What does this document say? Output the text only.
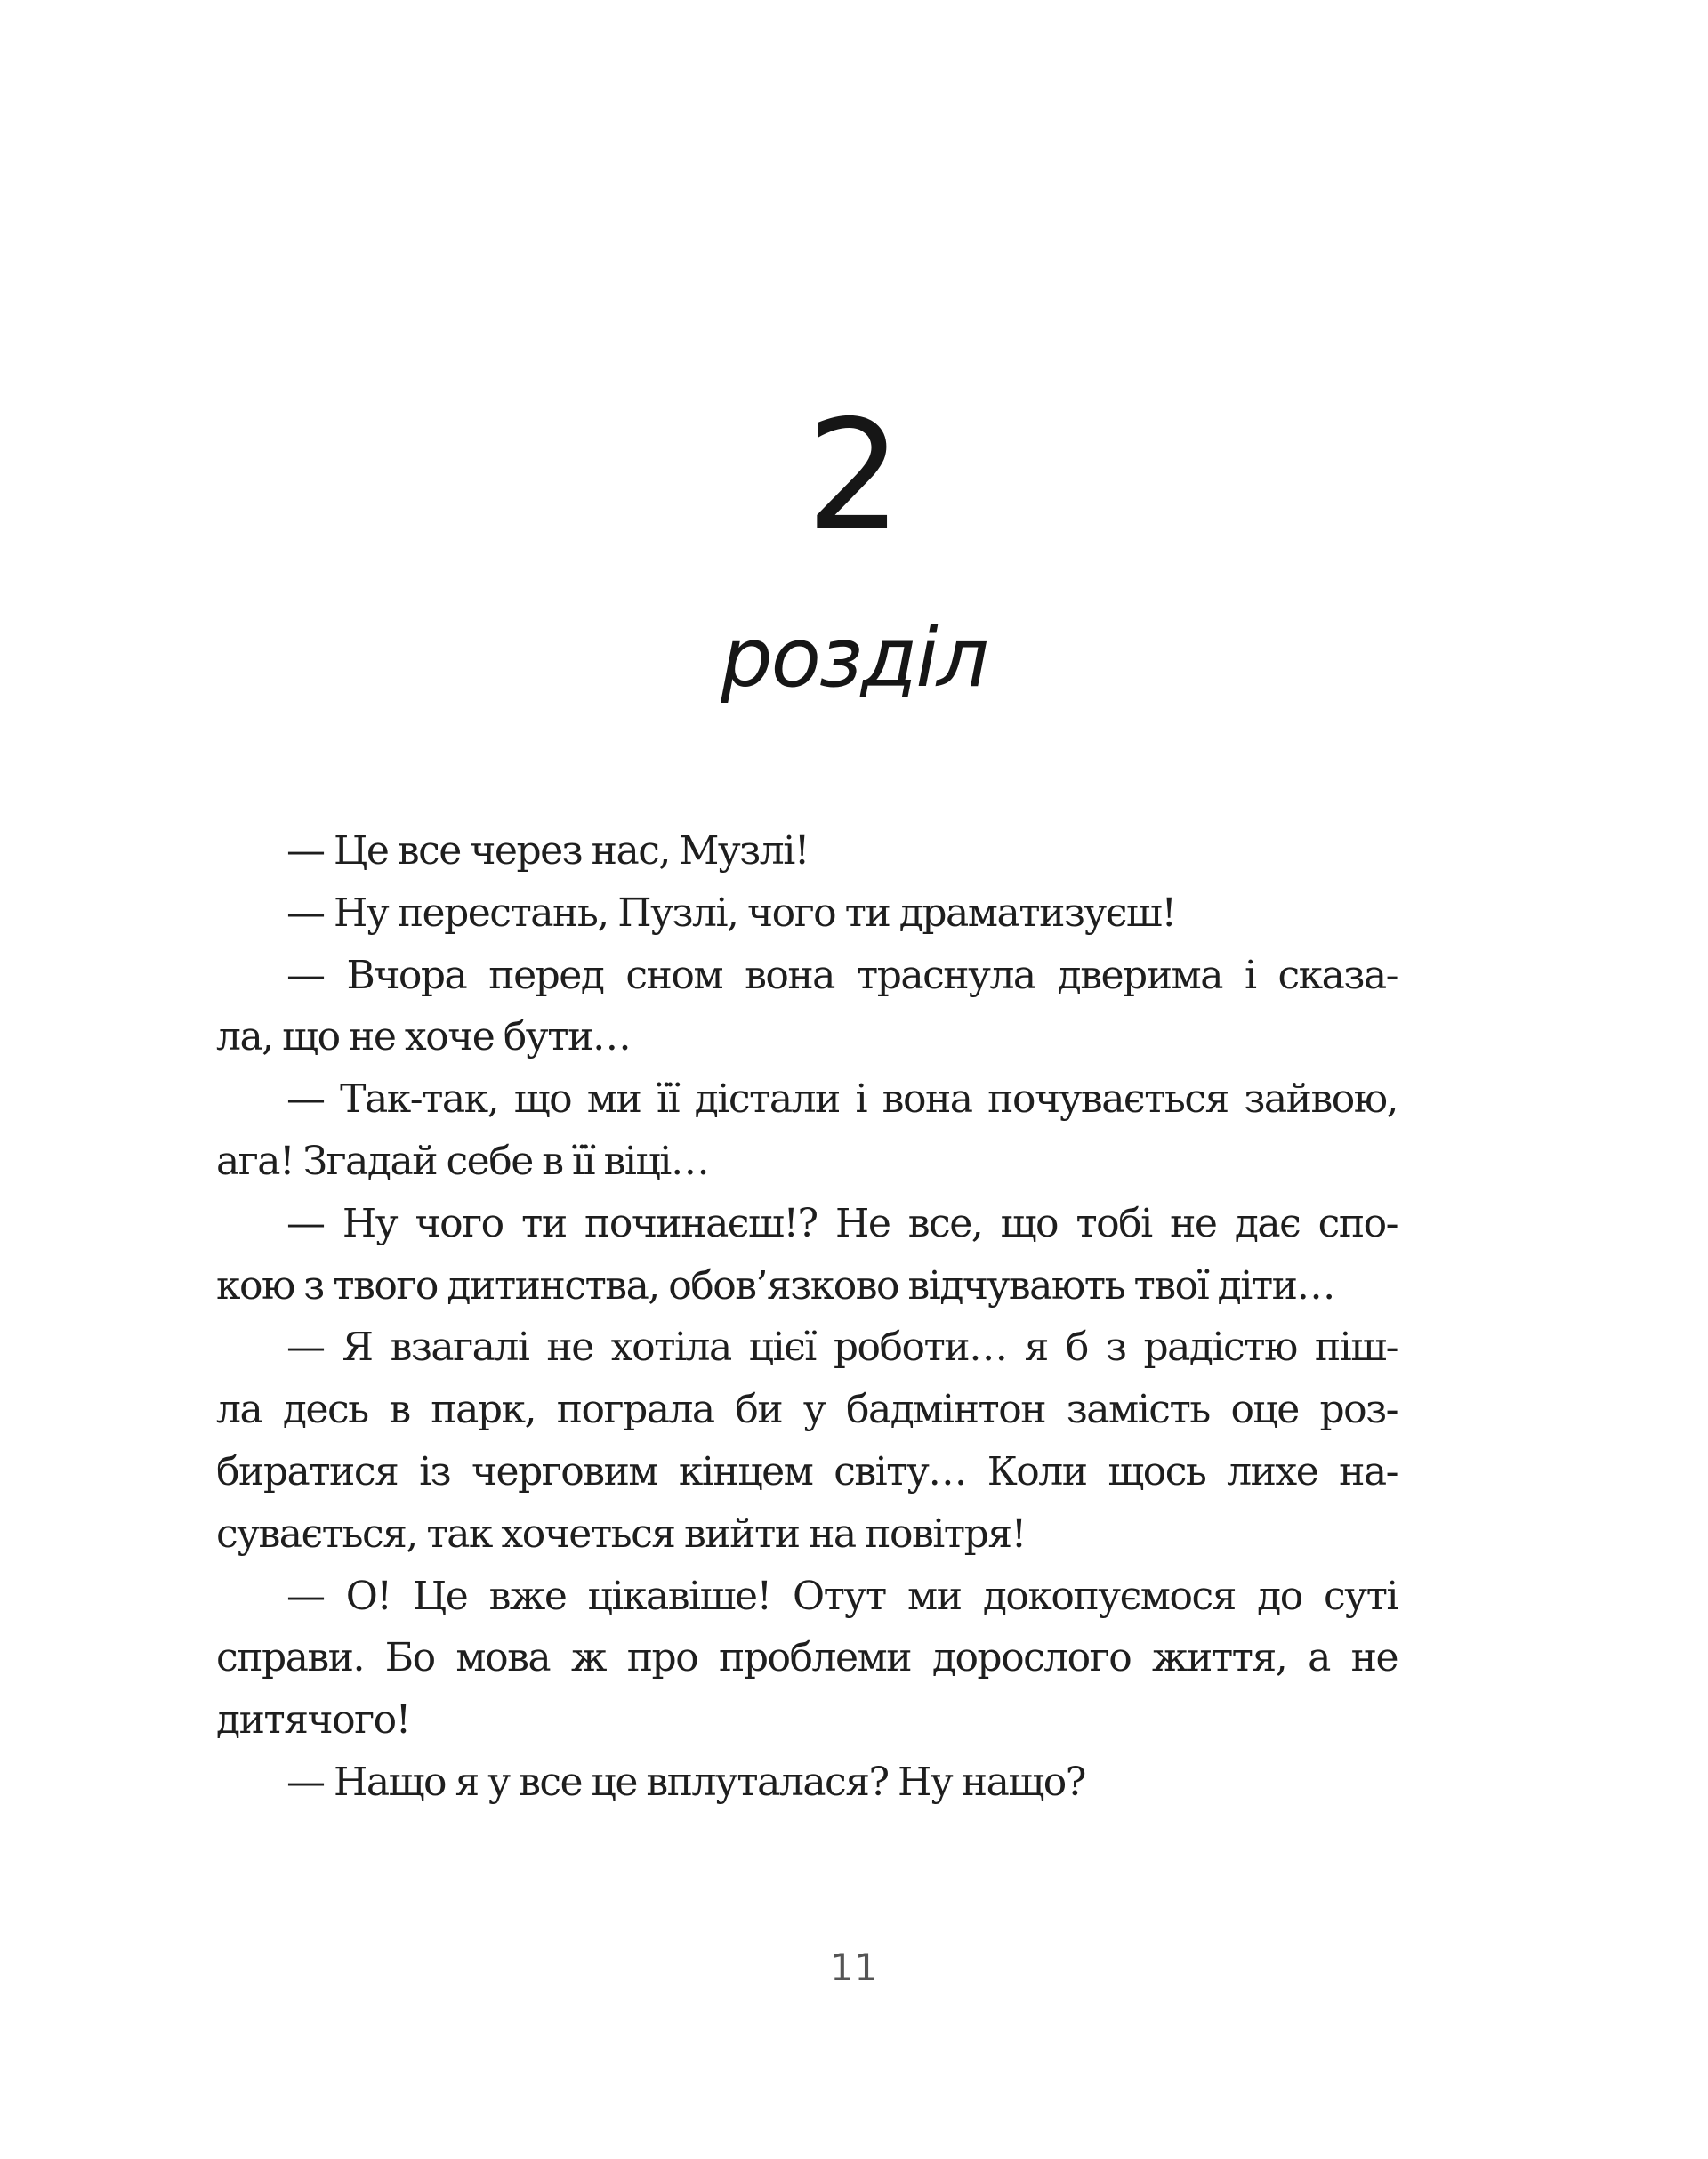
2
розділ
— Це все через нас, Музлі!
— Ну перестань, Пузлі, чого ти драматизуєш!
— Вчора перед сном вона траснула дверима і сказа-
ла, що не хоче бути…
— Так-так, що ми її дістали і вона почувається зайвою,
ага! Згадай себе в її віці…
— Ну чого ти починаєш!? Не все, що тобі не дає спо-
кою з твого дитинства, обов’язково відчувають твої діти…
— Я взагалі не хотіла цієї роботи… я б з радістю піш-
ла десь в парк, пограла би у бадмінтон замість оце роз-
биратися із черговим кінцем світу… Коли щось лихе на-
сувається, так хочеться вийти на повітря!
— О! Це вже цікавіше! Отут ми докопуємося до суті
справи. Бо мова ж про проблеми дорослого життя, а не
дитячого!
— Нащо я у все це вплуталася? Ну нащо?
11
